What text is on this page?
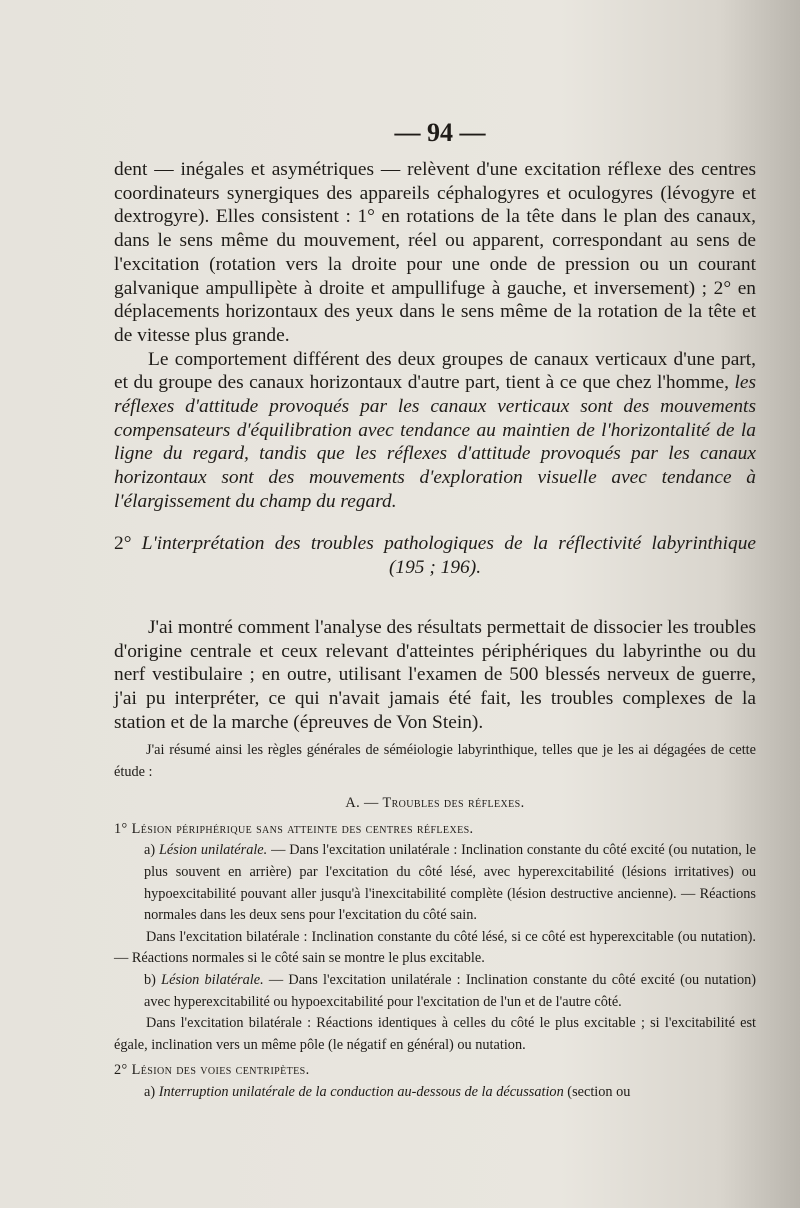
— 94 —

dent — inégales et asymétriques — relèvent d'une excitation réflexe des centres coordinateurs synergiques des appareils céphalogyres et oculogyres (lévogyre et dextrogyre). Elles consistent : 1° en rotations de la tête dans le plan des canaux, dans le sens même du mouvement, réel ou apparent, correspondant au sens de l'excitation (rotation vers la droite pour une onde de pression ou un courant galvanique ampullipète à droite et ampullifuge à gauche, et inversement) ; 2° en déplacements horizontaux des yeux dans le sens même de la rotation de la tête et de vitesse plus grande.

Le comportement différent des deux groupes de canaux verticaux d'une part, et du groupe des canaux horizontaux d'autre part, tient à ce que chez l'homme, les réflexes d'attitude provoqués par les canaux verticaux sont des mouvements compensateurs d'équilibration avec tendance au maintien de l'horizontalité de la ligne du regard, tandis que les réflexes d'attitude provoqués par les canaux horizontaux sont des mouvements d'exploration visuelle avec tendance à l'élargissement du champ du regard.

2° L'interprétation des troubles pathologiques de la réflectivité labyrinthique
(195 ; 196).

J'ai montré comment l'analyse des résultats permettait de dissocier les troubles d'origine centrale et ceux relevant d'atteintes périphériques du labyrinthe ou du nerf vestibulaire ; en outre, utilisant l'examen de 500 blessés nerveux de guerre, j'ai pu interpréter, ce qui n'avait jamais été fait, les troubles complexes de la station et de la marche (épreuves de Von Stein).

J'ai résumé ainsi les règles générales de séméiologie labyrinthique, telles que je les ai dégagées de cette étude :

A. — Troubles des réflexes.

1° Lésion périphérique sans atteinte des centres réflexes.

a) Lésion unilatérale. — Dans l'excitation unilatérale : Inclination constante du côté excité (ou nutation, le plus souvent en arrière) par l'excitation du côté lésé, avec hyperexcitabilité (lésions irritatives) ou hypoexcitabilité pouvant aller jusqu'à l'inexcitabilité complète (lésion destructive ancienne). — Réactions normales dans les deux sens pour l'excitation du côté sain.

Dans l'excitation bilatérale : Inclination constante du côté lésé, si ce côté est hyperexcitable (ou nutation). — Réactions normales si le côté sain se montre le plus excitable.

b) Lésion bilatérale. — Dans l'excitation unilatérale : Inclination constante du côté excité (ou nutation) avec hyperexcitabilité ou hypoexcitabilité pour l'excitation de l'un et de l'autre côté.

Dans l'excitation bilatérale : Réactions identiques à celles du côté le plus excitable ; si l'excitabilité est égale, inclination vers un même pôle (le négatif en général) ou nutation.

2° Lésion des voies centripètes.

a) Interruption unilatérale de la conduction au-dessous de la décussation (section ou
